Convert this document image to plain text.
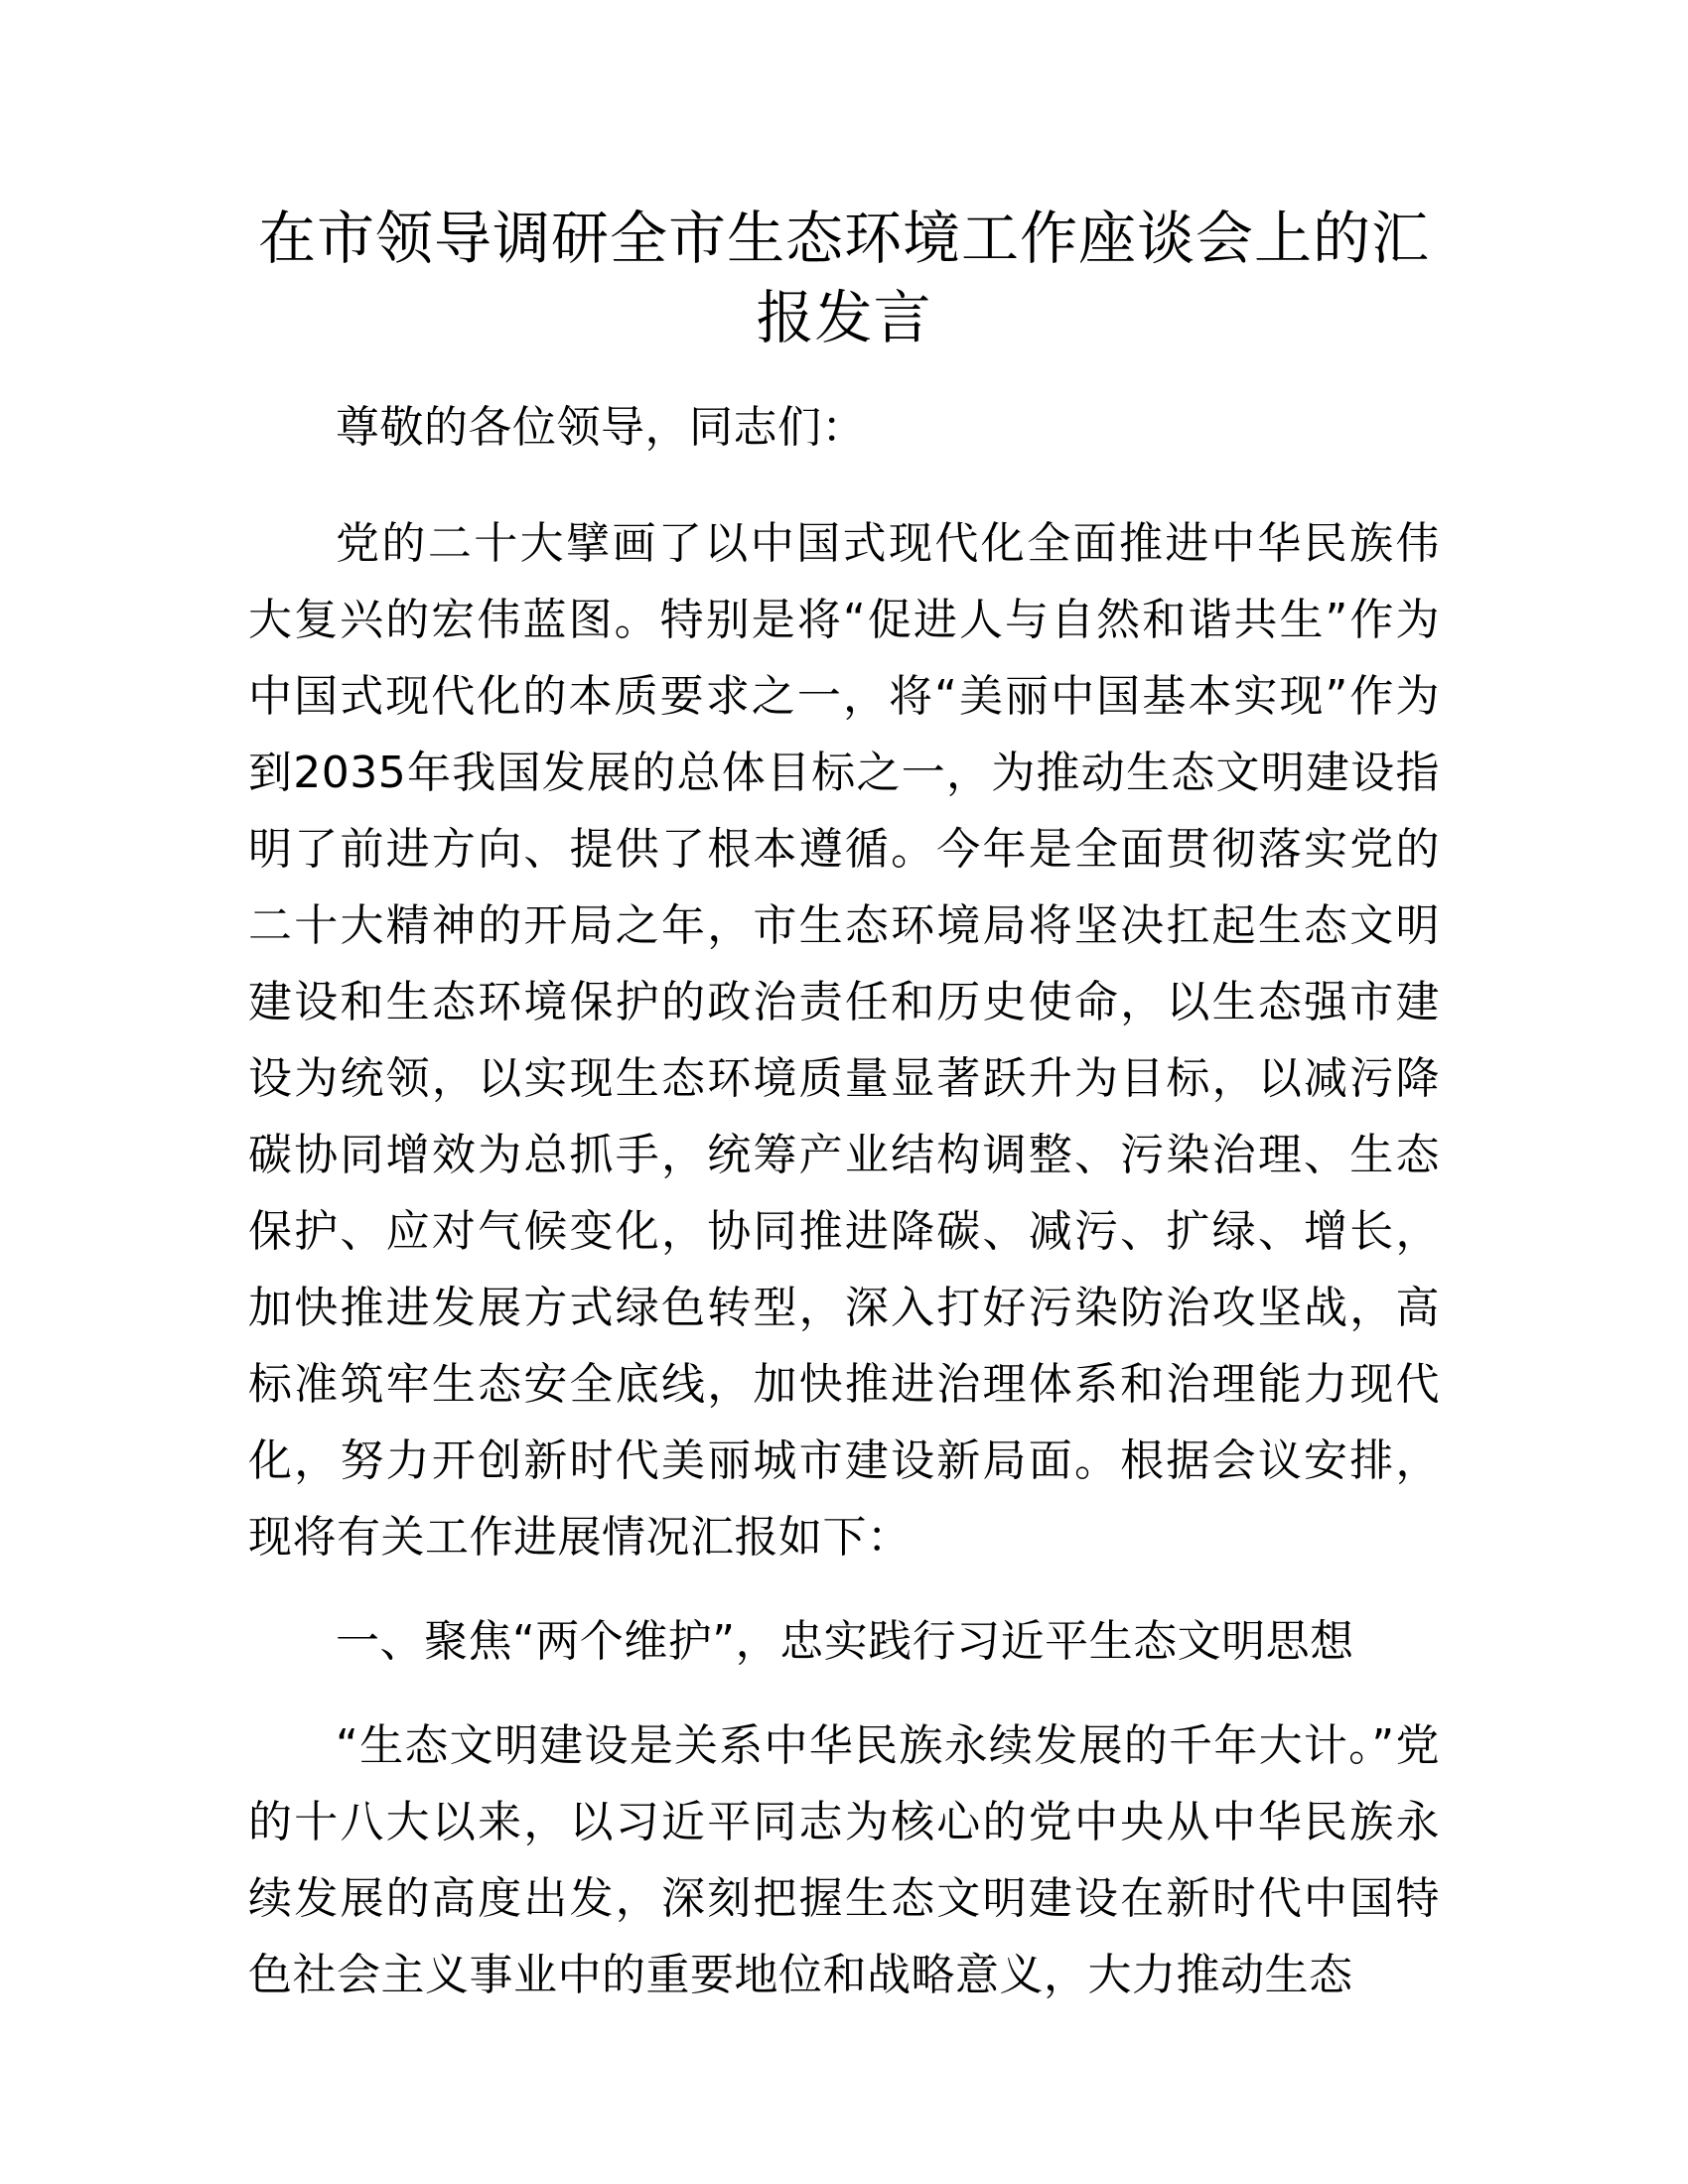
在市领导调研全市生态环境工作座谈会上的汇报发言

尊敬的各位领导，同志们：

党的二十大擘画了以中国式现代化全面推进中华民族伟大复兴的宏伟蓝图。特别是将“促进人与自然和谐共生”作为中国式现代化的本质要求之一，将“美丽中国基本实现”作为到2035年我国发展的总体目标之一，为推动生态文明建设指明了前进方向、提供了根本遵循。今年是全面贯彻落实党的二十大精神的开局之年，市生态环境局将坚决扛起生态文明建设和生态环境保护的政治责任和历史使命，以生态强市建设为统领，以实现生态环境质量显著跃升为目标，以减污降碳协同增效为总抓手，统筹产业结构调整、污染治理、生态保护、应对气候变化，协同推进降碳、减污、扩绿、增长，加快推进发展方式绿色转型，深入打好污染防治攻坚战，高标准筑牢生态安全底线，加快推进治理体系和治理能力现代化，努力开创新时代美丽城市建设新局面。根据会议安排，现将有关工作进展情况汇报如下：

一、聚焦“两个维护”，忠实践行习近平生态文明思想

“生态文明建设是关系中华民族永续发展的千年大计。”党的十八大以来，以习近平同志为核心的党中央从中华民族永续发展的高度出发，深刻把握生态文明建设在新时代中国特色社会主义事业中的重要地位和战略意义，大力推动生态
